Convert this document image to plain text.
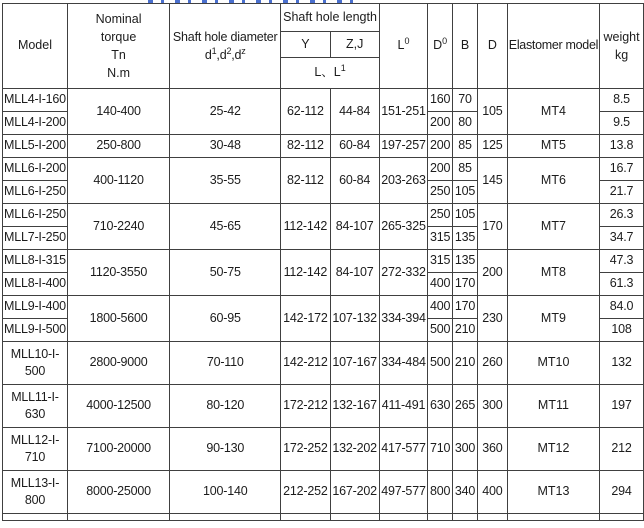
Model	Nominal
torque
Tn
N.m	Shaft hole diameter
$d^1,d^2,d^z$	Shaft hole length		$L^0$	$D^0$	B	D	Elastomer model	weight
kg

			Y	Z,J						
			L、$L^1$
MLL4-I-160	140-400	25-42	62-112	44-84	151-251	160	70	105	MT4	8.5
MLL4-I-200						200	80			9.5
MLL5-I-200	250-800	30-48	82-112	60-84	197-257	200	85	125	MT5	13.8
MLL6-I-200	400-1120	35-55	82-112	60-84	203-263	200	85	145	MT6	16.7
MLL6-I-250						250	105			21.7
MLL6-I-250	710-2240	45-65	112-142	84-107	265-325	250	105	170	MT7	26.3
MLL7-I-250						315	135			34.7
MLL8-I-315	1120-3550	50-75	112-142	84-107	272-332	315	135	200	MT8	47.3
MLL8-I-400						400	170			61.3
MLL9-I-400	1800-5600	60-95	142-172	107-132	334-394	400	170	230	MT9	84.0
MLL9-I-500						500	210			108
MLL10-I-500	2800-9000	70-110	142-212	107-167	334-484	500	210	260	MT10	132
MLL11-I-630	4000-12500	80-120	172-212	132-167	411-491	630	265	300	MT11	197
MLL12-I-710	7100-20000	90-130	172-252	132-202	417-577	710	300	360	MT12	212
MLL13-I-800	8000-25000	100-140	212-252	167-202	497-577	800	340	400	MT13	294
